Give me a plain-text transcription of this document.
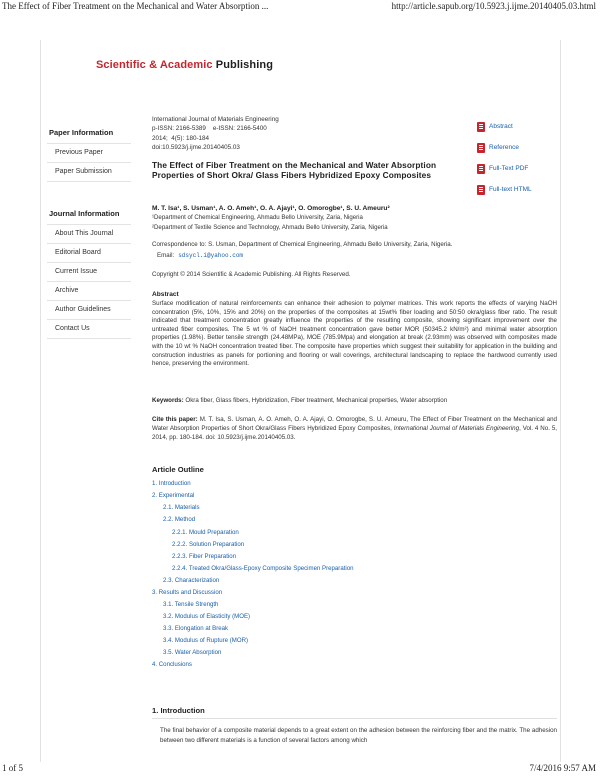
The Effect of Fiber Treatment on the Mechanical and Water Absorption ...	http://article.sapub.org/10.5923.j.ijme.20140405.03.html
Scientific & Academic Publishing
Paper Information
Previous Paper
Paper Submission
Journal Information
About This Journal
Editorial Board
Current Issue
Archive
Author Guidelines
Contact Us
International Journal of Materials Engineering
p-ISSN: 2166-5389    e-ISSN: 2166-5400
2014;  4(5): 180-184
doi:10.5923/j.ijme.20140405.03
The Effect of Fiber Treatment on the Mechanical and Water Absorption Properties of Short Okra/ Glass Fibers Hybridized Epoxy Composites
Abstract
Reference
Full-Text PDF
Full-text HTML
M. T. Isa¹, S. Usman¹, A. O. Ameh¹, O. A. Ajayi¹, O. Omorogbe¹, S. U. Ameuru²
¹Department of Chemical Engineering, Ahmadu Bello University, Zaria, Nigeria
²Department of Textile Science and Technology, Ahmadu Bello University, Zaria, Nigeria
Correspondence to: S. Usman, Department of Chemical Engineering, Ahmadu Bello University, Zaria, Nigeria.
Email: sdsycl.i@yahoo.com
Copyright © 2014 Scientific & Academic Publishing. All Rights Reserved.
Abstract
Surface modification of natural reinforcements can enhance their adhesion to polymer matrices. This work reports the effects of varying NaOH concentration (5%, 10%, 15% and 20%) on the properties of the composites at 15wt% fiber loading and 50:50 okra/glass fiber ratio. The result indicated that treatment concentration greatly influence the properties of the resulting composite, showing significant improvement over the untreated fiber composites. The 5 wt % of NaOH treatment concentration gave better MOR (50345.2 kN/m²) and minimal water absorption properties (1.98%). Better tensile strength (24.48MPa), MOE (785.9Mpa) and elongation at break (2.93mm) was observed with composites made with the 10 wt % NaOH concentration treated fiber. The composite have properties which suggest their suitability for application in the building and construction industries as panels for portioning and flooring or wall coverings, architectural landscaping to replace the hardwood currently used hence, preserving the environment.
Keywords: Okra fiber, Glass fibers, Hybridization, Fiber treatment, Mechanical properties, Water absorption
Cite this paper: M. T. Isa, S. Usman, A. O. Ameh, O. A. Ajayi, O. Omorogbe, S. U. Ameuru, The Effect of Fiber Treatment on the Mechanical and Water Absorption Properties of Short Okra/Glass Fibers Hybridized Epoxy Composites, International Journal of Materials Engineering, Vol. 4 No. 5, 2014, pp. 180-184. doi: 10.5923/j.ijme.20140405.03.
Article Outline
1. Introduction
2. Experimental
2.1. Materials
2.2. Method
2.2.1. Mould Preparation
2.2.2. Solution Preparation
2.2.3. Fiber Preparation
2.2.4. Treated Okra/Glass-Epoxy Composite Specimen Preparation
2.3. Characterization
3. Results and Discussion
3.1. Tensile Strength
3.2. Modulus of Elasticity (MOE)
3.3. Elongation at Break
3.4. Modulus of Rupture (MOR)
3.5. Water Absorption
4. Conclusions
1. Introduction
The final behavior of a composite material depends to a great extent on the adhesion between the reinforcing fiber and the matrix. The adhesion between two different materials is a function of several factors among which
1 of 5	7/4/2016 9:57 AM
